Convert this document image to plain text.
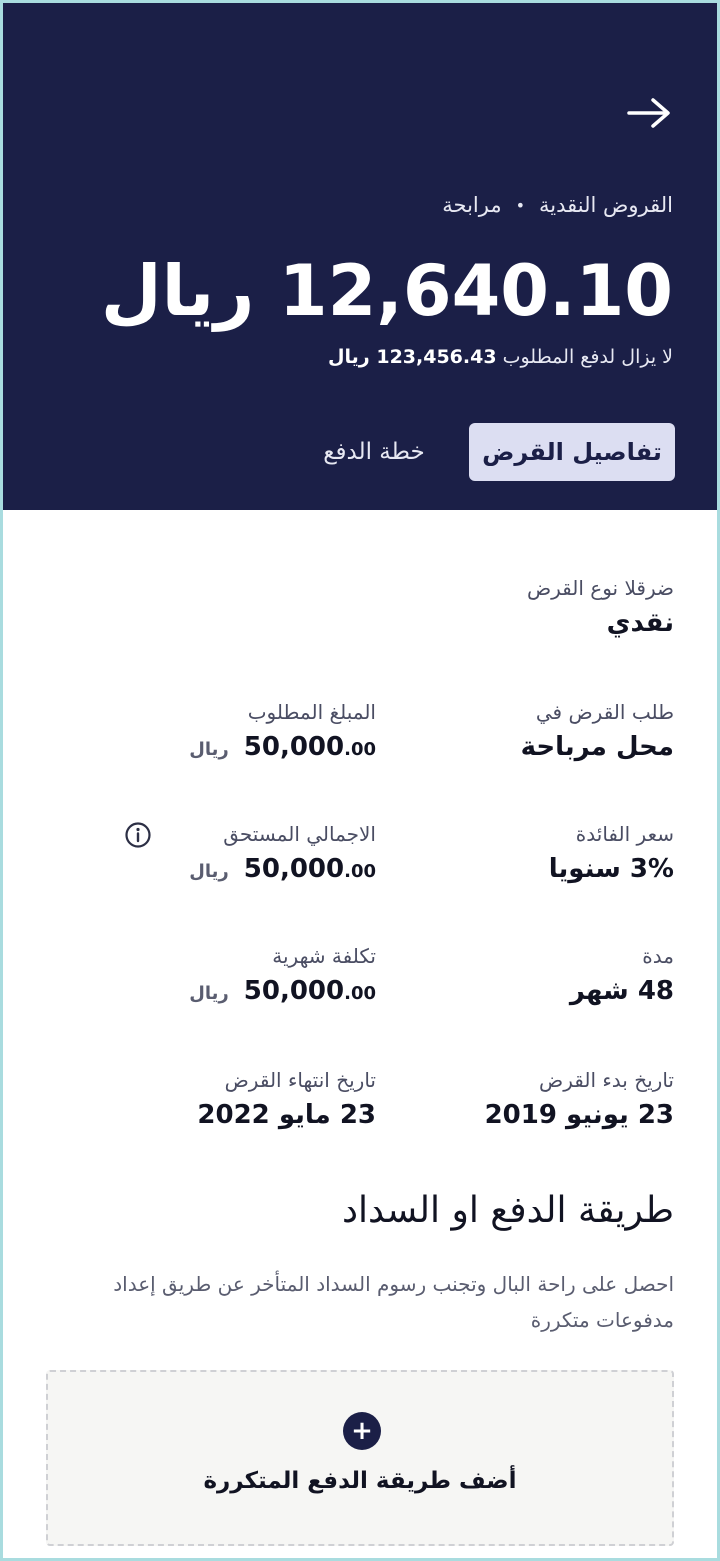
القروض النقدية
•
مرابحة
12,640.10 ريال
لا يزال لدفع المطلوب 123,456.43 ريال
تفاصيل القرض
خطة الدفع
ضرقلا نوع القرض
نقدي
طلب القرض في
محل مرباحة
المبلغ المطلوب
50,000.00 ريال
سعر الفائدة
3% سنويا
الاجمالي المستحق
50,000.00 ريال
مدة
48 شهر
تكلفة شهرية
50,000.00 ريال
تاريخ بدء القرض
23 يونيو 2019
تاريخ انتهاء القرض
23 مايو 2022
طريقة الدفع او السداد
احصل على راحة البال وتجنب رسوم السداد المتأخر عن طريق إعداد مدفوعات متكررة
+
أضف طريقة الدفع المتكررة
